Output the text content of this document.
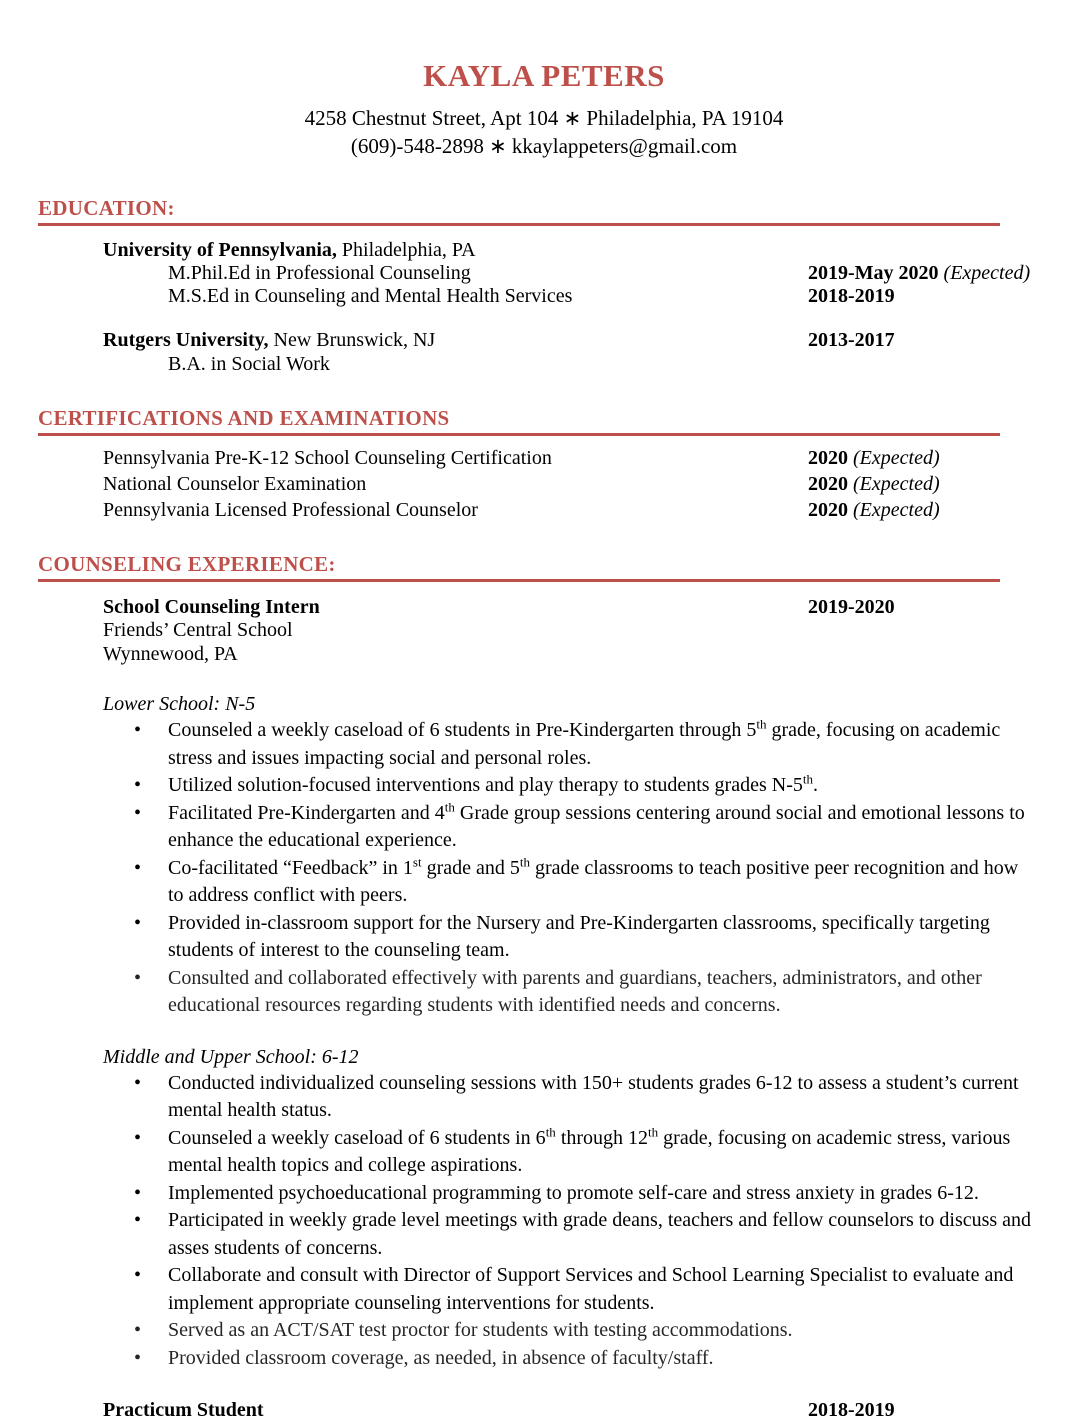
KAYLA PETERS
4258 Chestnut Street, Apt 104 ∗ Philadelphia, PA 19104
(609)-548-2898 ∗ kkaylappeters@gmail.com
EDUCATION:
University of Pennsylvania, Philadelphia, PA
M.Phil.Ed in Professional Counseling	2019-May 2020 (Expected)
M.S.Ed in Counseling and Mental Health Services	2018-2019
Rutgers University, New Brunswick, NJ	2013-2017
B.A. in Social Work
CERTIFICATIONS AND EXAMINATIONS
Pennsylvania Pre-K-12 School Counseling Certification	2020 (Expected)
National Counselor Examination	2020 (Expected)
Pennsylvania Licensed Professional Counselor	2020 (Expected)
COUNSELING EXPERIENCE:
School Counseling Intern	2019-2020
Friends’ Central School
Wynnewood, PA
Lower School: N-5
• Counseled a weekly caseload of 6 students in Pre-Kindergarten through 5th grade, focusing on academic stress and issues impacting social and personal roles.
• Utilized solution-focused interventions and play therapy to students grades N-5th.
• Facilitated Pre-Kindergarten and 4th Grade group sessions centering around social and emotional lessons to enhance the educational experience.
• Co-facilitated “Feedback” in 1st grade and 5th grade classrooms to teach positive peer recognition and how to address conflict with peers.
• Provided in-classroom support for the Nursery and Pre-Kindergarten classrooms, specifically targeting students of interest to the counseling team.
• Consulted and collaborated effectively with parents and guardians, teachers, administrators, and other educational resources regarding students with identified needs and concerns.
Middle and Upper School: 6-12
• Conducted individualized counseling sessions with 150+ students grades 6-12 to assess a student’s current mental health status.
• Counseled a weekly caseload of 6 students in 6th through 12th grade, focusing on academic stress, various mental health topics and college aspirations.
• Implemented psychoeducational programming to promote self-care and stress anxiety in grades 6-12.
• Participated in weekly grade level meetings with grade deans, teachers and fellow counselors to discuss and asses students of concerns.
• Collaborate and consult with Director of Support Services and School Learning Specialist to evaluate and implement appropriate counseling interventions for students.
• Served as an ACT/SAT test proctor for students with testing accommodations.
• Provided classroom coverage, as needed, in absence of faculty/staff.
Practicum Student	2018-2019
